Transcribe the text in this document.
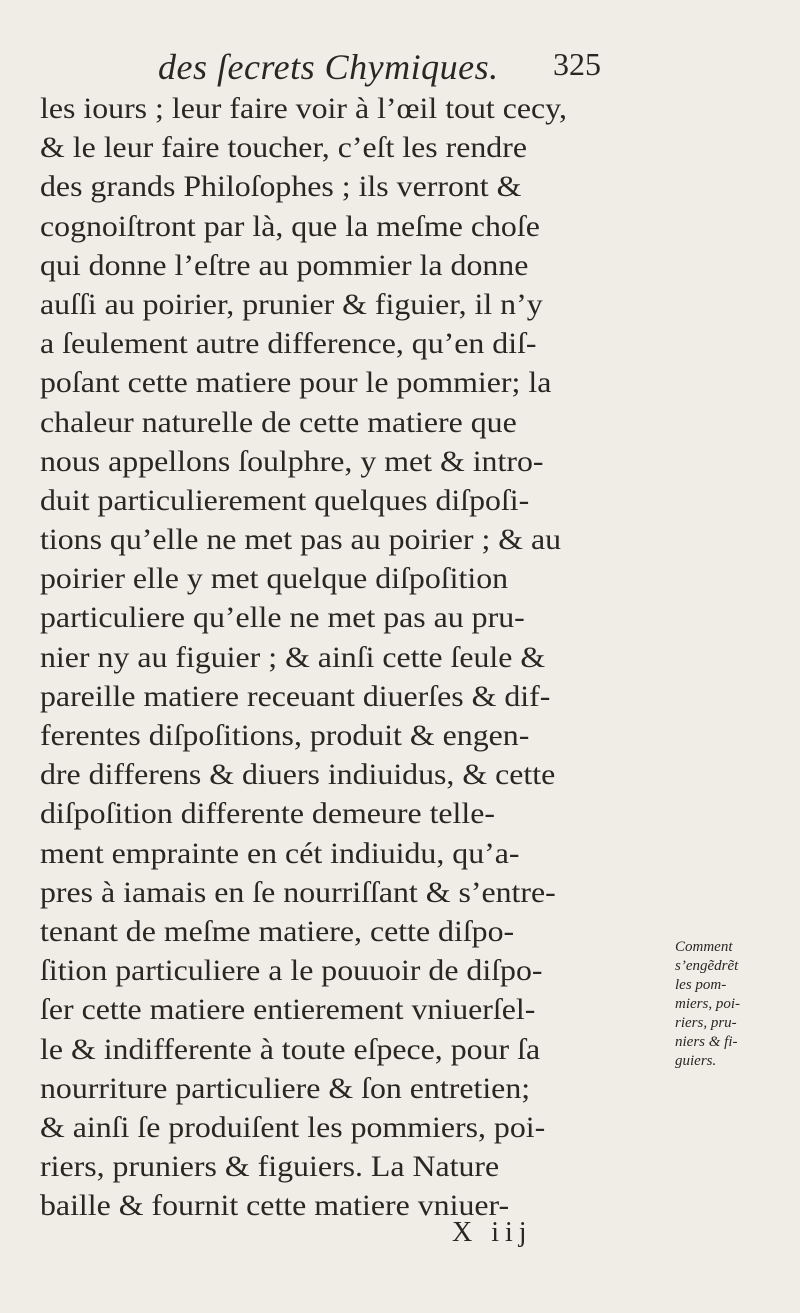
des ſecrets Chymiques. 325
les iours ; leur faire voir à l’œil tout cecy,
& le leur faire toucher, c’eſt les rendre
des grands Philoſophes ; ils verront &
cognoiſtront par là, que la meſme choſe
qui donne l’eſtre au pommier la donne
auſſi au poirier, prunier & figuier, il n’y
a ſeulement autre difference, qu’en diſ-
poſant cette matiere pour le pommier; la
chaleur naturelle de cette matiere que
nous appellons ſoulphre, y met & intro-
duit particulierement quelques diſpoſi-
tions qu’elle ne met pas au poirier ; & au
poirier elle y met quelque diſpoſition
particuliere qu’elle ne met pas au pru-
nier ny au figuier ; & ainſi cette ſeule &
pareille matiere receuant diuerſes & dif-
ferentes diſpoſitions, produit & engen-
dre differens & diuers indiuidus, & cette
diſpoſition differente demeure telle-
ment emprainte en cét indiuidu, qu’a-
pres à iamais en ſe nourriſſant & s’entre-
tenant de meſme matiere, cette diſpo-
ſition particuliere a le pouuoir de diſpo-
ſer cette matiere entierement vniuerſel-
le & indifferente à toute eſpece, pour ſa
nourriture particuliere & ſon entretien;
& ainſi ſe produiſent les pommiers, poi-
riers, pruniers & figuiers. La Nature
baille & fournit cette matiere vniuer-
Comment
s’engẽdrẽt
les pom-
miers, poi-
riers, pru-
niers & fi-
guiers.
X iij
